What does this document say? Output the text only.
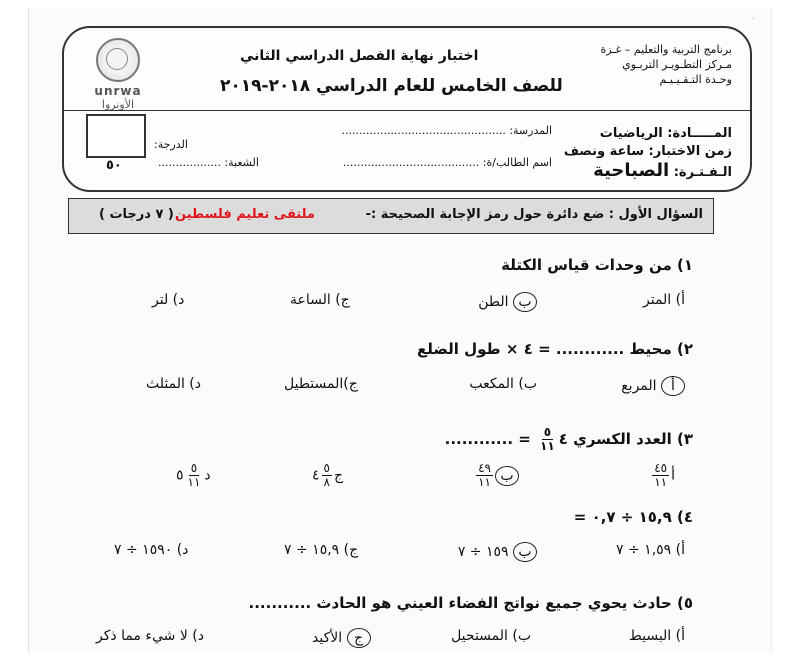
·
unrwa
الأونروا
برنامج التربية والتعليم – غـزة
مـركز التطـويـر التربـوي
وحـدة التـقـيـيـم
اختبار نهاية الفصل الدراسي الثاني
للصف الخامس للعام الدراسي ٢٠١٨-٢٠١٩
المـــــادة: الرياضيات
زمن الاختبار: ساعة ونصف
الـفـتـرة: الصباحية
المدرسة: ...............................................
اسم الطالب/ة: .......................................
الشعبة: ..................
الدرجة:
٥٠
السؤال الأول : ضع دائرة حول رمز الإجابة الصحيحة :-
ملتقى تعليم فلسطين
( ٧ درجات )
١) من وحدات قياس الكتلة
أ) المتر
ب الطن
ج) الساعة
د) لتر
٢) محيط ............ = ٤ × طول الضلع
أ المربع
ب) المكعب
ج)المستطيل
د) المثلث
٣) العدد الكسري ٤
$\frac{٥}{١١}$
= ............
أ
$\frac{٤٥}{١١}$
ب
$\frac{٤٩}{١١}$
ج
$\frac{٥}{٨}$
٤
د
$\frac{٥}{١١}$
٥
٤) ١٥,٩ ÷ ٠,٧ =
أ) ١,٥٩ ÷ ٧
ب ١٥٩ ÷ ٧
ج) ١٥,٩ ÷ ٧
د) ١٥٩٠ ÷ ٧
٥) حادث يحوي جميع نواتج الفضاء العيني هو الحادث ...........
أ) البسيط
ب) المستحيل
ج الأكيد
د) لا شيء مما ذكر
